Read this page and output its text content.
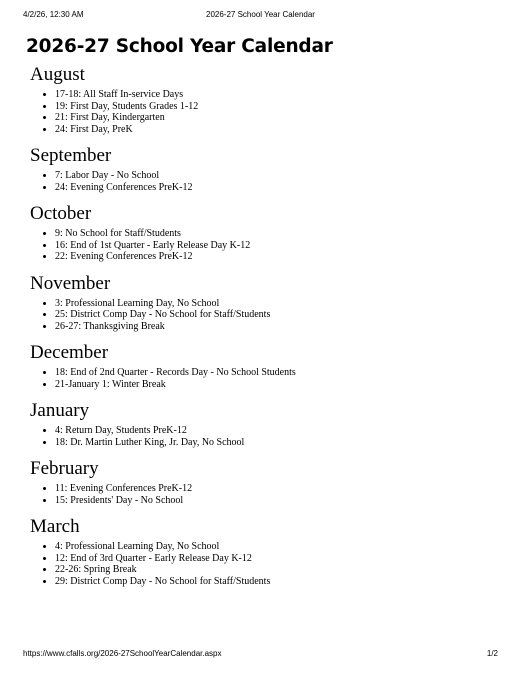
4/2/26, 12:30 AM	2026-27 School Year Calendar
2026-27 School Year Calendar
August
• 17-18: All Staff In-service Days
• 19: First Day, Students Grades 1-12
• 21: First Day, Kindergarten
• 24: First Day, PreK
September
• 7: Labor Day - No School
• 24: Evening Conferences PreK-12
October
• 9: No School for Staff/Students
• 16: End of 1st Quarter - Early Release Day K-12
• 22: Evening Conferences PreK-12
November
• 3: Professional Learning Day, No School
• 25: District Comp Day - No School for Staff/Students
• 26-27: Thanksgiving Break
December
• 18: End of 2nd Quarter - Records Day - No School Students
• 21-January 1: Winter Break
January
• 4: Return Day, Students PreK-12
• 18: Dr. Martin Luther King, Jr. Day, No School
February
• 11: Evening Conferences PreK-12
• 15: Presidents' Day - No School
March
• 4: Professional Learning Day, No School
• 12: End of 3rd Quarter - Early Release Day K-12
• 22-26: Spring Break
• 29: District Comp Day - No School for Staff/Students
https://www.cfalls.org/2026-27SchoolYearCalendar.aspx	1/2
